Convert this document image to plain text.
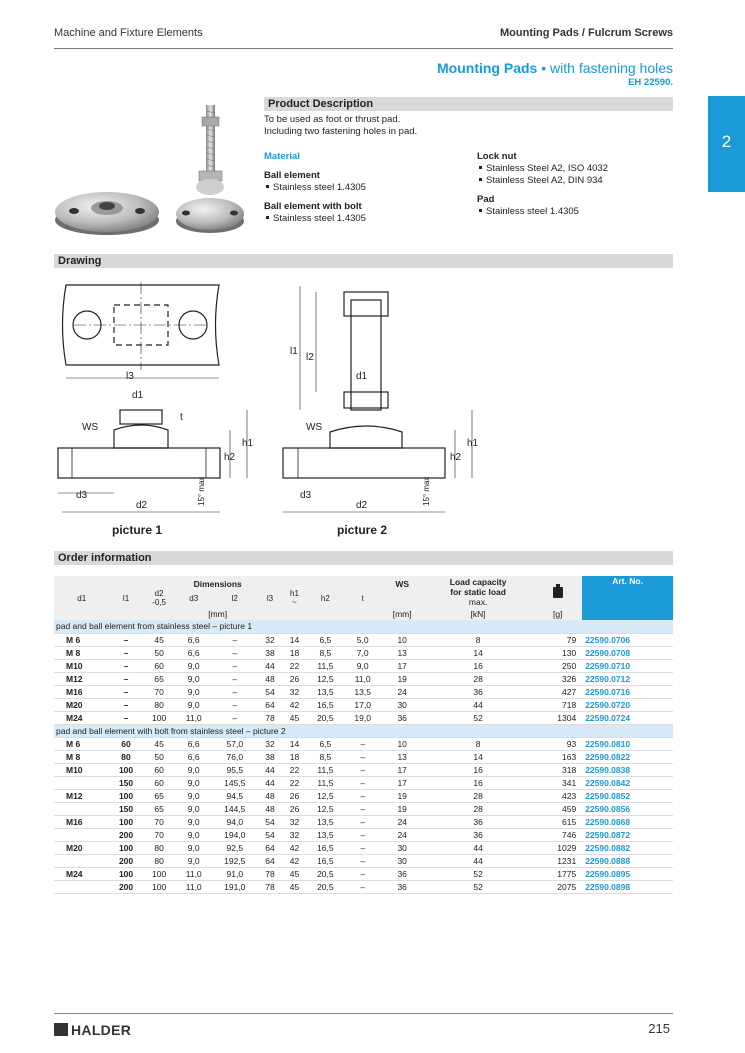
Machine and Fixture Elements	Mounting Pads / Fulcrum Screws
Mounting Pads • with fastening holes
EH 22590.
2
Product Description
To be used as foot or thrust pad.
Including two fastening holes in pad.
Material
Ball element
Stainless steel 1.4305
Ball element with bolt
Stainless steel 1.4305
Lock nut
Stainless Steel A2, ISO 4032
Stainless Steel A2, DIN 934
Pad
Stainless steel 1.4305
Drawing
l3
d1
WS
d3
d2
h2
h1
l2
l1
WS
d1
d3
d2
h2
h1
t
15° max	15° max
picture 1	picture 2
Order information
Dimensions									WS	Load capacity
for static load
max.		Art. No.
d1	l1	d2
-0,5	d3	l2	l3	h1
~	h2	t				
[mm]									[mm]	[kN]	[g]	
pad and ball element from stainless steel – picture 1												
M 6	–	45	6,6	–	32	14	6,5	5,0	10	8	79	22590.0706
M 8	–	50	6,6	–	38	18	8,5	7,0	13	14	130	22590.0708
M10	–	60	9,0	–	44	22	11,5	9,0	17	16	250	22590.0710
M12	–	65	9,0	–	48	26	12,5	11,0	19	28	326	22590.0712
M16	–	70	9,0	–	54	32	13,5	13,5	24	36	427	22590.0716
M20	–	80	9,0	–	64	42	16,5	17,0	30	44	718	22590.0720
M24	–	100	11,0	–	78	45	20,5	19,0	36	52	1304	22590.0724
pad and ball element with bolt from stainless steel – picture 2												
M 6	60	45	6,6	57,0	32	14	6,5	–	10	8	93	22590.0810
M 8	80	50	6,6	76,0	38	18	8,5	–	13	14	163	22590.0822
M10	100	60	9,0	95,5	44	22	11,5	–	17	16	318	22590.0838
	150	60	9,0	145,5	44	22	11,5	–	17	16	341	22590.0842
M12	100	65	9,0	94,5	48	26	12,5	–	19	28	423	22590.0852
	150	65	9,0	144,5	48	26	12,5	–	19	28	459	22590.0856
M16	100	70	9,0	94,0	54	32	13,5	–	24	36	615	22590.0868
	200	70	9,0	194,0	54	32	13,5	–	24	36	746	22590.0872
M20	100	80	9,0	92,5	64	42	16,5	–	30	44	1029	22590.0882
	200	80	9,0	192,5	64	42	16,5	–	30	44	1231	22590.0888
M24	100	100	11,0	91,0	78	45	20,5	–	36	52	1775	22590.0895
	200	100	11,0	191,0	78	45	20,5	–	36	52	2075	22590.0898
HALDER	215
